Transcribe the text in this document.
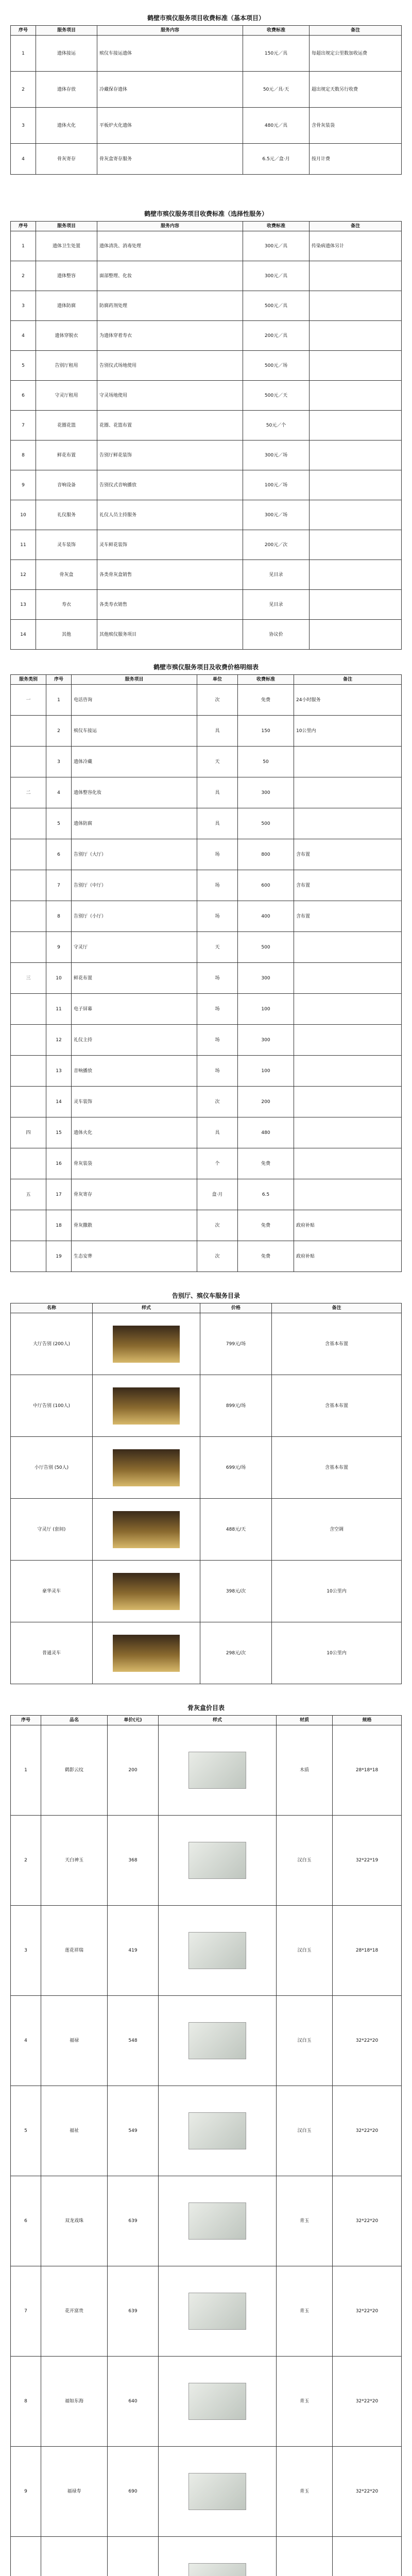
鹤壁市殡仪服务项目收费标准（基本项目）
序号	服务项目	服务内容	收费标准	备注
1	遗体接运	殡仪车接运遗体	150元／具	每超出规定公里数加收运费
2	遗体存放	冷藏保存遗体	50元／具·天	超出规定天数另行收费
3	遗体火化	平板炉火化遗体	480元／具	含骨灰装袋
4	骨灰寄存	骨灰盒寄存服务	6.5元／盒·月	按月计费
鹤壁市殡仪服务项目收费标准（选择性服务）
序号	服务项目	服务内容	收费标准	备注
1	遗体卫生处置	遗体清洗、消毒处理	300元／具	传染病遗体另计
2	遗体整容	面部整理、化妆	300元／具	
3	遗体防腐	防腐药剂处理	500元／具	
4	遗体穿脱衣	为遗体穿着寿衣	200元／具	
5	告别厅租用	告别仪式场地使用	500元／场	
6	守灵厅租用	守灵场地使用	500元／天	
7	花圈花篮	花圈、花篮布置	50元／个	
8	鲜花布置	告别厅鲜花装饰	300元／场	
9	音响设备	告别仪式音响播放	100元／场	
10	礼仪服务	礼仪人员主持服务	300元／场	
11	灵车装饰	灵车鲜花装饰	200元／次	
12	骨灰盒	各类骨灰盒销售	见目录	
13	寿衣	各类寿衣销售	见目录	
14	其他	其他殡仪服务项目	协议价	
鹤壁市殡仪服务项目及收费价格明细表
服务类别	序号	服务项目	单位	收费标准	备注
一	1	电话咨询	次	免费	24小时服务
	2	殡仪车接运	具	150	10公里内
	3	遗体冷藏	天	50	
二	4	遗体整容化妆	具	300	
	5	遗体防腐	具	500	
	6	告别厅（大厅）	场	800	含布置
	7	告别厅（中厅）	场	600	含布置
	8	告别厅（小厅）	场	400	含布置
	9	守灵厅	天	500	
三	10	鲜花布置	场	300	
	11	电子屏幕	场	100	
	12	礼仪主持	场	300	
	13	音响播放	场	100	
	14	灵车装饰	次	200	
四	15	遗体火化	具	480	
	16	骨灰装袋	个	免费	
五	17	骨灰寄存	盒·月	6.5	
	18	骨灰撒散	次	免费	政府补贴
	19	生态安葬	次	免费	政府补贴
告别厅、殡仪车服务目录
名称	样式	价格	备注
大厅告别 (200人)		799元/场	含基本布置
中厅告别 (100人)		899元/场	含基本布置
小厅告别 (50人)		699元/场	含基本布置
守灵厅 (套间)		488元/天	含空调
豪华灵车		398元/次	10公里内
普通灵车		298元/次	10公里内
骨灰盒价目表
序号	品名	单价(元)	样式	材质	规格
1	鹤影云纹	200		木质	28*18*18
2	天白神玉	368		汉白玉	32*22*19
3	莲花祥瑞	419		汉白玉	28*18*18
4	福禄	548		汉白玉	32*22*20
5	福祉	549		汉白玉	32*22*20
6	双龙戏珠	639		青玉	32*22*20
7	花开富贵	639		青玉	32*22*20
8	福如东海	640		青玉	32*22*20
9	福禄寿	690		青玉	32*22*20
